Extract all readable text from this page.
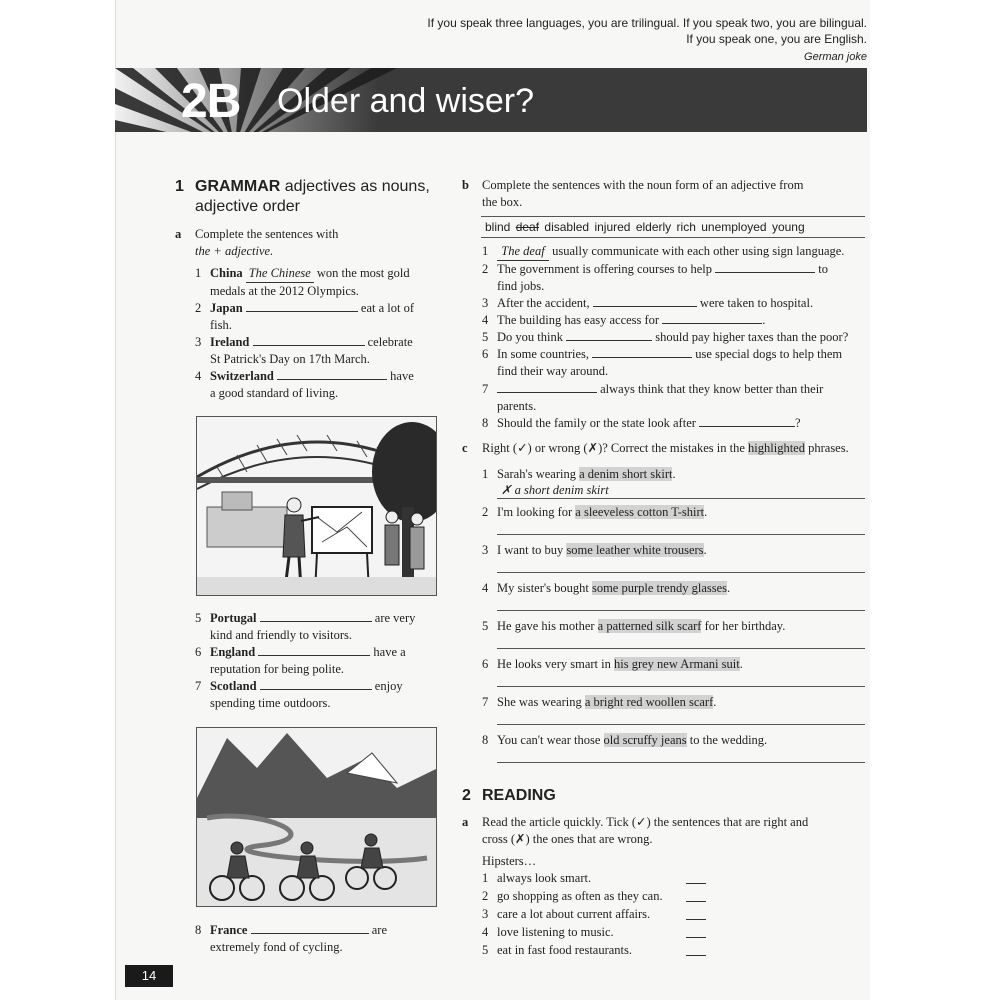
If you speak three languages, you are trilingual. If you speak two, you are bilingual.
If you speak one, you are English.
German joke
2B Older and wiser?
1 GRAMMAR adjectives as nouns,
adjective order
a Complete the sentences with
the + adjective.
1 China The Chinese won the most gold
medals at the 2012 Olympics.
2 Japan	eat a lot of
fish.
3 Ireland	celebrate
St Patrick's Day on 17th March.
4 Switzerland	have
a good standard of living.
5 Portugal	are very
kind and friendly to visitors.
6 England	have a
reputation for being polite.
7 Scotland	enjoy
spending time outdoors.
8 France	are
extremely fond of cycling.
b Complete the sentences with the noun form of an adjective from
the box.
blind deaf disabled injured elderly rich unemployed young
1 The deaf usually communicate with each other using sign language.
2 The government is offering courses to help	to
find jobs.
3 After the accident,	were taken to hospital.
4 The building has easy access for	.
5 Do you think	should pay higher taxes than the poor?
6 In some countries,	use special dogs to help them
find their way around.
7	always think that they know better than their
parents.
8 Should the family or the state look after	?
c Right (✓) or wrong (✗)? Correct the mistakes in the highlighted phrases.
1 Sarah's wearing a denim short skirt.
✗ a short denim skirt
2 I'm looking for a sleeveless cotton T-shirt.
3 I want to buy some leather white trousers.
4 My sister's bought some purple trendy glasses.
5 He gave his mother a patterned silk scarf for her birthday.
6 He looks very smart in his grey new Armani suit.
7 She was wearing a bright red woollen scarf.
8 You can't wear those old scruffy jeans to the wedding.
2 READING
a Read the article quickly. Tick (✓) the sentences that are right and
cross (✗) the ones that are wrong.
Hipsters…
1 always look smart.
2 go shopping as often as they can.
3 care a lot about current affairs.
4 love listening to music.
5 eat in fast food restaurants.
14
